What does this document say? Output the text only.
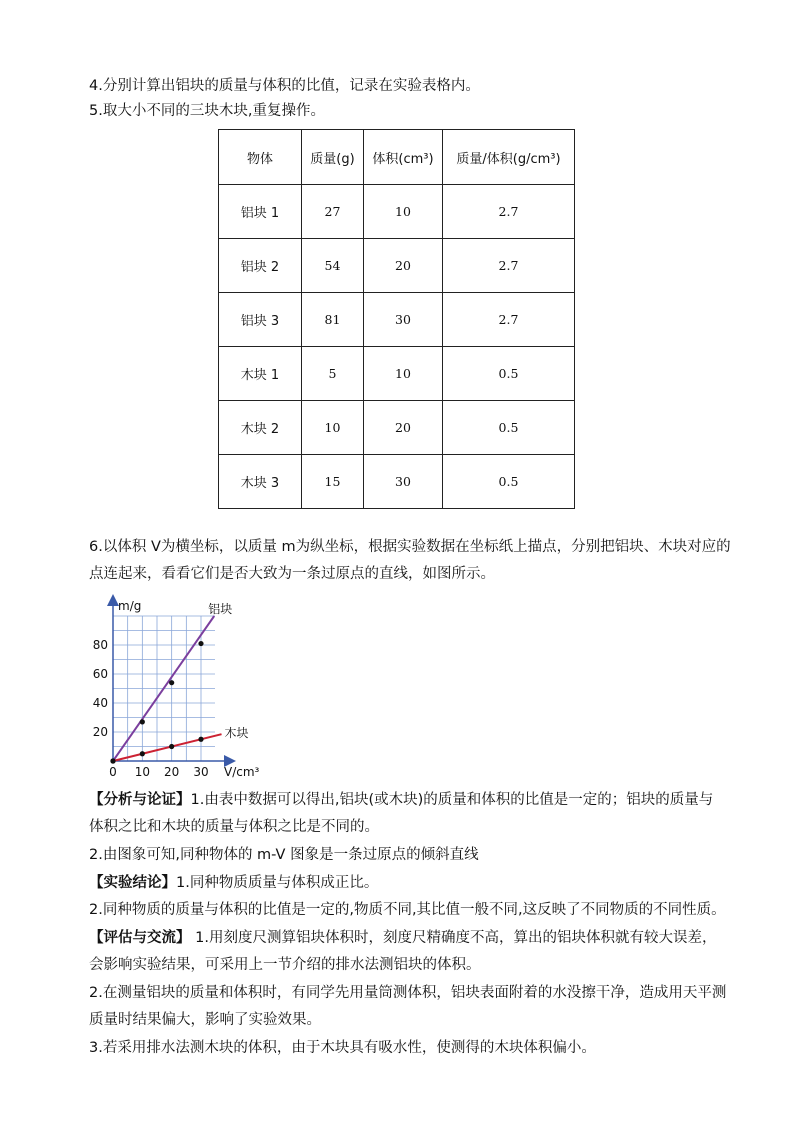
4.分别计算出铝块的质量与体积的比值，记录在实验表格内。
5.取大小不同的三块木块,重复操作。
物体	质量(g)	体积(cm³)	质量/体积(g/cm³)
铝块 1	27	10	2.7
铝块 2	54	20	2.7
铝块 3	81	30	2.7
木块 1	5	10	0.5
木块 2	10	20	0.5
木块 3	15	30	0.5
6.以体积 V为横坐标，以质量 m为纵坐标，根据实验数据在坐标纸上描点，分别把铝块、木块对应的
点连起来，看看它们是否大致为一条过原点的直线，如图所示。
m/g
V/cm³
20
40
60
80
0 10 20 30
铝块
木块
【分析与论证】1.由表中数据可以得出,铝块(或木块)的质量和体积的比值是一定的；铝块的质量与
体积之比和木块的质量与体积之比是不同的。
2.由图象可知,同种物体的 m-V 图象是一条过原点的倾斜直线
【实验结论】1.同种物质质量与体积成正比。
2.同种物质的质量与体积的比值是一定的,物质不同,其比值一般不同,这反映了不同物质的不同性质。
【评估与交流】 1.用刻度尺测算铝块体积时，刻度尺精确度不高，算出的铝块体积就有较大误差，
会影响实验结果，可采用上一节介绍的排水法测铝块的体积。
2.在测量铝块的质量和体积时，有同学先用量筒测体积，铝块表面附着的水没擦干净，造成用天平测
质量时结果偏大，影响了实验效果。
3.若采用排水法测木块的体积，由于木块具有吸水性，使测得的木块体积偏小。
